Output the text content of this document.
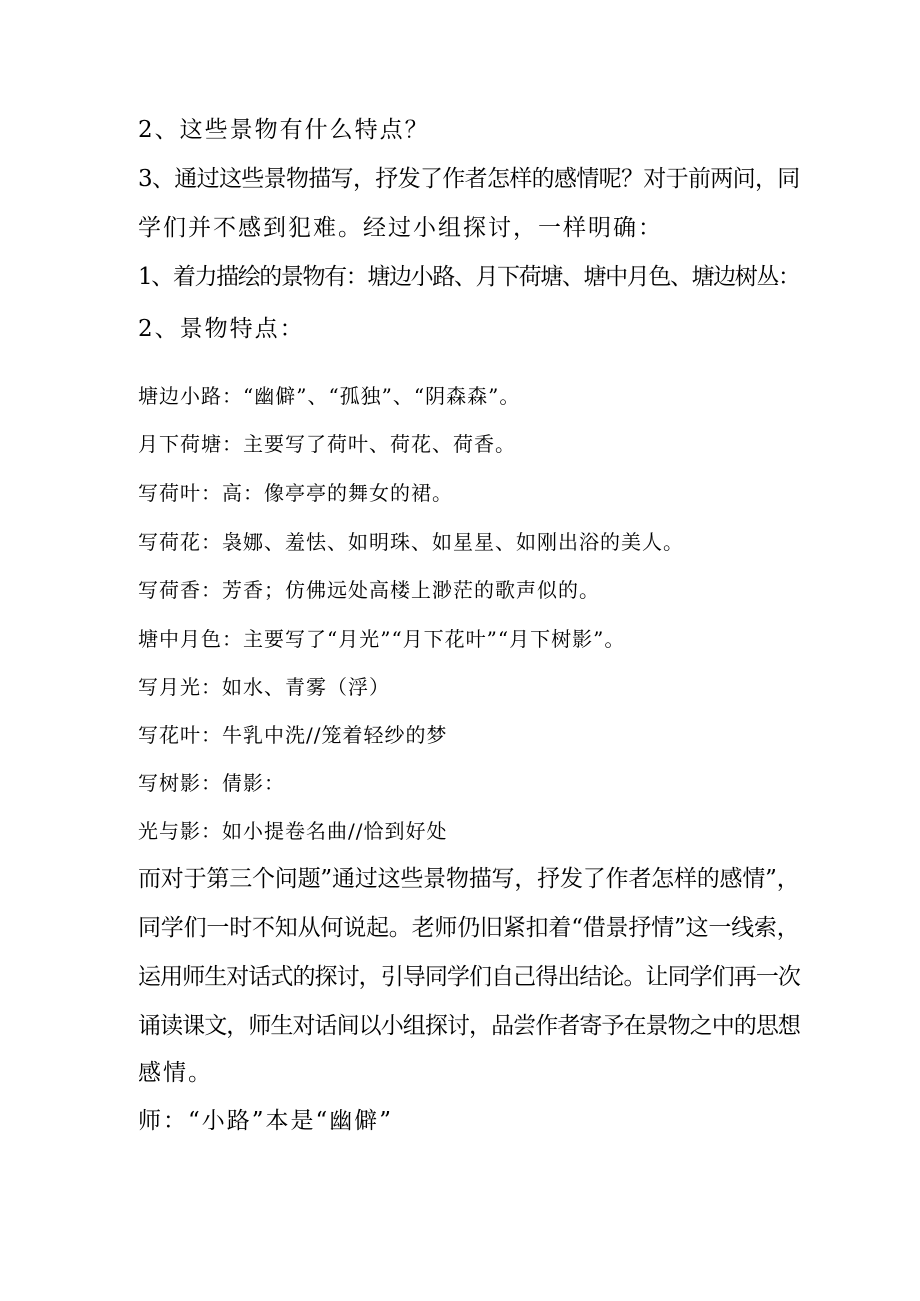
2、这些景物有什么特点？
3、通过这些景物描写，抒发了作者怎样的感情呢？对于前两问，同
学们并不感到犯难。经过小组探讨，一样明确：
1、着力描绘的景物有：塘边小路、月下荷塘、塘中月色、塘边树丛：
2、景物特点：
塘边小路：“幽僻”、“孤独”、“阴森森”。
月下荷塘：主要写了荷叶、荷花、荷香。
写荷叶：高：像亭亭的舞女的裙。
写荷花：袅娜、羞怯、如明珠、如星星、如刚出浴的美人。
写荷香：芳香；仿佛远处高楼上渺茫的歌声似的。
塘中月色：主要写了“月光”“月下花叶”“月下树影”。
写月光：如水、青雾（浮）
写花叶：牛乳中洗//笼着轻纱的梦
写树影：倩影：
光与影：如小提卷名曲//恰到好处
而对于第三个问题”通过这些景物描写，抒发了作者怎样的感情”，
同学们一时不知从何说起。老师仍旧紧扣着“借景抒情”这一线索，
运用师生对话式的探讨，引导同学们自己得出结论。让同学们再一次
诵读课文，师生对话间以小组探讨，品尝作者寄予在景物之中的思想
感情。
师：“小路”本是“幽僻”
